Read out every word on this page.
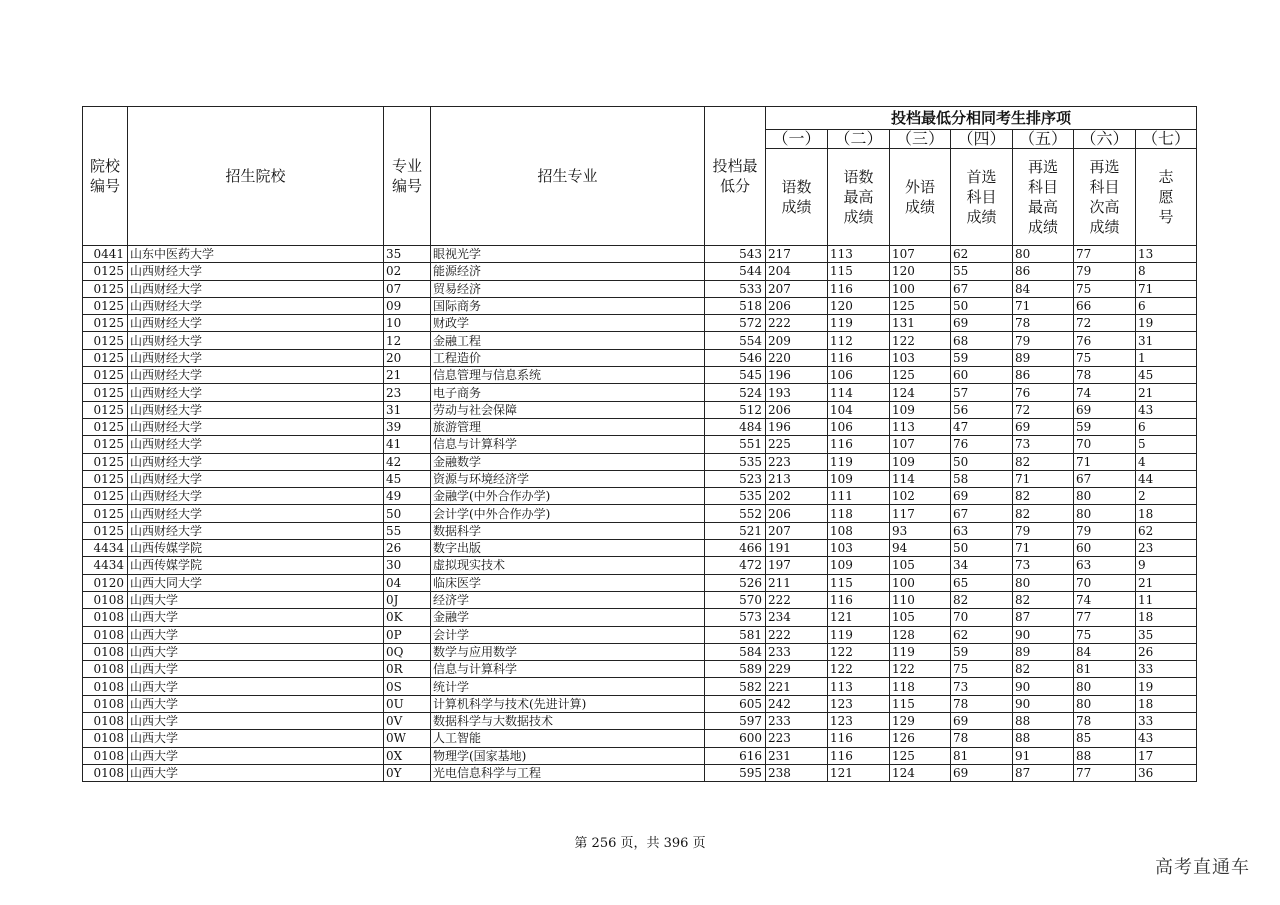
院校编号	招生院校	专业编号	招生专业	投档最低分	投档最低分相同考生排序项						
					（一）	（二）	（三）	（四）	（五）	（六）	（七）
					语数成绩	语数最高成绩	外语成绩	首选科目成绩	再选科目最高成绩	再选科目次高成绩	志愿号
0441	山东中医药大学	35	眼视光学	543	217	113	107	62	80	77	13
0125	山西财经大学	02	能源经济	544	204	115	120	55	86	79	8
0125	山西财经大学	07	贸易经济	533	207	116	100	67	84	75	71
0125	山西财经大学	09	国际商务	518	206	120	125	50	71	66	6
0125	山西财经大学	10	财政学	572	222	119	131	69	78	72	19
0125	山西财经大学	12	金融工程	554	209	112	122	68	79	76	31
0125	山西财经大学	20	工程造价	546	220	116	103	59	89	75	1
0125	山西财经大学	21	信息管理与信息系统	545	196	106	125	60	86	78	45
0125	山西财经大学	23	电子商务	524	193	114	124	57	76	74	21
0125	山西财经大学	31	劳动与社会保障	512	206	104	109	56	72	69	43
0125	山西财经大学	39	旅游管理	484	196	106	113	47	69	59	6
0125	山西财经大学	41	信息与计算科学	551	225	116	107	76	73	70	5
0125	山西财经大学	42	金融数学	535	223	119	109	50	82	71	4
0125	山西财经大学	45	资源与环境经济学	523	213	109	114	58	71	67	44
0125	山西财经大学	49	金融学(中外合作办学)	535	202	111	102	69	82	80	2
0125	山西财经大学	50	会计学(中外合作办学)	552	206	118	117	67	82	80	18
0125	山西财经大学	55	数据科学	521	207	108	93	63	79	79	62
4434	山西传媒学院	26	数字出版	466	191	103	94	50	71	60	23
4434	山西传媒学院	30	虚拟现实技术	472	197	109	105	34	73	63	9
0120	山西大同大学	04	临床医学	526	211	115	100	65	80	70	21
0108	山西大学	0J	经济学	570	222	116	110	82	82	74	11
0108	山西大学	0K	金融学	573	234	121	105	70	87	77	18
0108	山西大学	0P	会计学	581	222	119	128	62	90	75	35
0108	山西大学	0Q	数学与应用数学	584	233	122	119	59	89	84	26
0108	山西大学	0R	信息与计算科学	589	229	122	122	75	82	81	33
0108	山西大学	0S	统计学	582	221	113	118	73	90	80	19
0108	山西大学	0U	计算机科学与技术(先进计算)	605	242	123	115	78	90	80	18
0108	山西大学	0V	数据科学与大数据技术	597	233	123	129	69	88	78	33
0108	山西大学	0W	人工智能	600	223	116	126	78	88	85	43
0108	山西大学	0X	物理学(国家基地)	616	231	116	125	81	91	88	17
0108	山西大学	0Y	光电信息科学与工程	595	238	121	124	69	87	77	36
第 256 页，共 396 页
高考直通车
